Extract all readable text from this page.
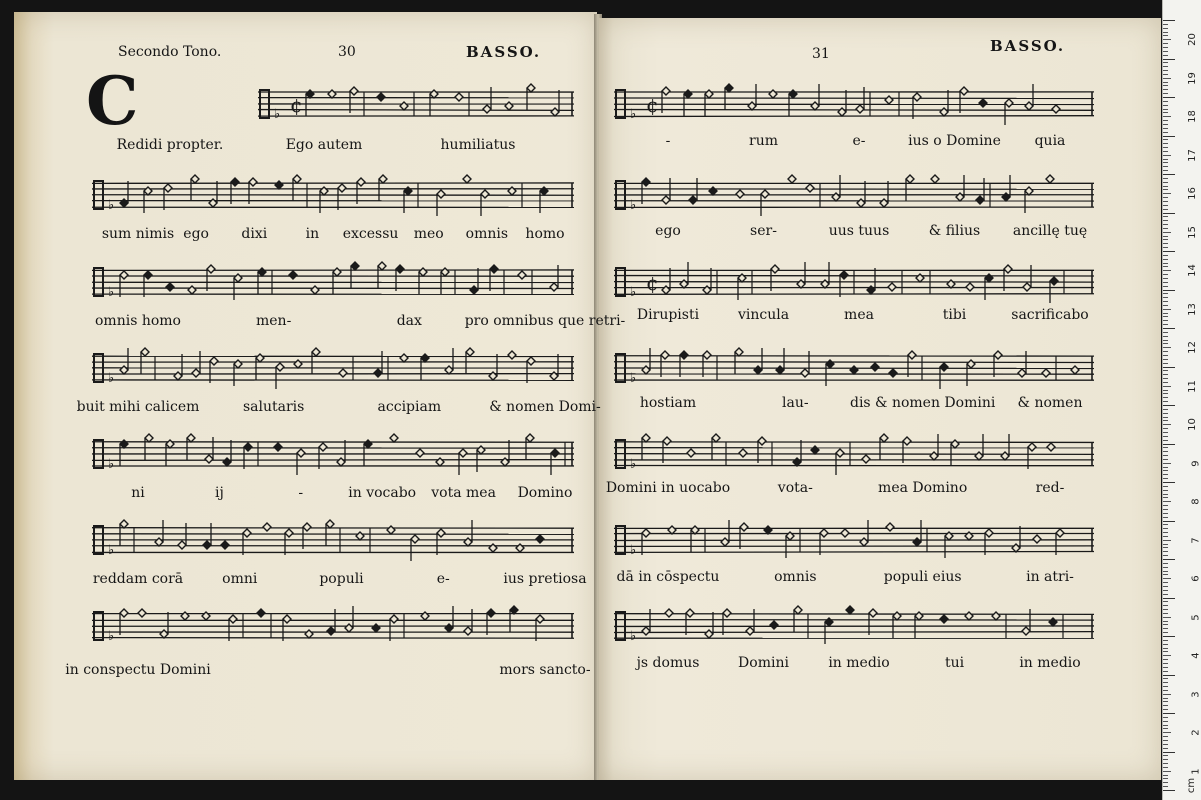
Secondo Tono.	30	BASSO.	31	BASSO.
C	♭ ¢
♭
♭
♭
♭
♭
♭
Redidi propter.	Ego autem	humiliatus
sum nimis ego dixi	in excessu meo omnis homo
omnis homo	men-	dax	pro omnibus que retri-
buit mihi calicem	salutaris	accipiam	& nomen Domi-
ni	ij	-	in vocabo vota mea Domino
reddam corā	omni	populi	e-	ius pretiosa
in conspectu Domini	mors sancto-
♭ ¢
♭
♭ ¢
♭
♭
♭
♭
-	rum	e-	ius o Domine quia
ego	ser-	uus tuus	& filius ancillę tuę
Dirupisti	vincula	mea	tibi	sacrificabo
hostiam	lau-	dis & nomen Domini & nomen
Domini in uocabo	vota-	mea Domino	red-
dā in cōspectu	omnis	populi eius	in atri-
js domus	Domini	in medio	tui	in medio
20
19
18
17
16
15
14
13
12
11
10
9
8
7
6
5
4
3
2
1
cm
